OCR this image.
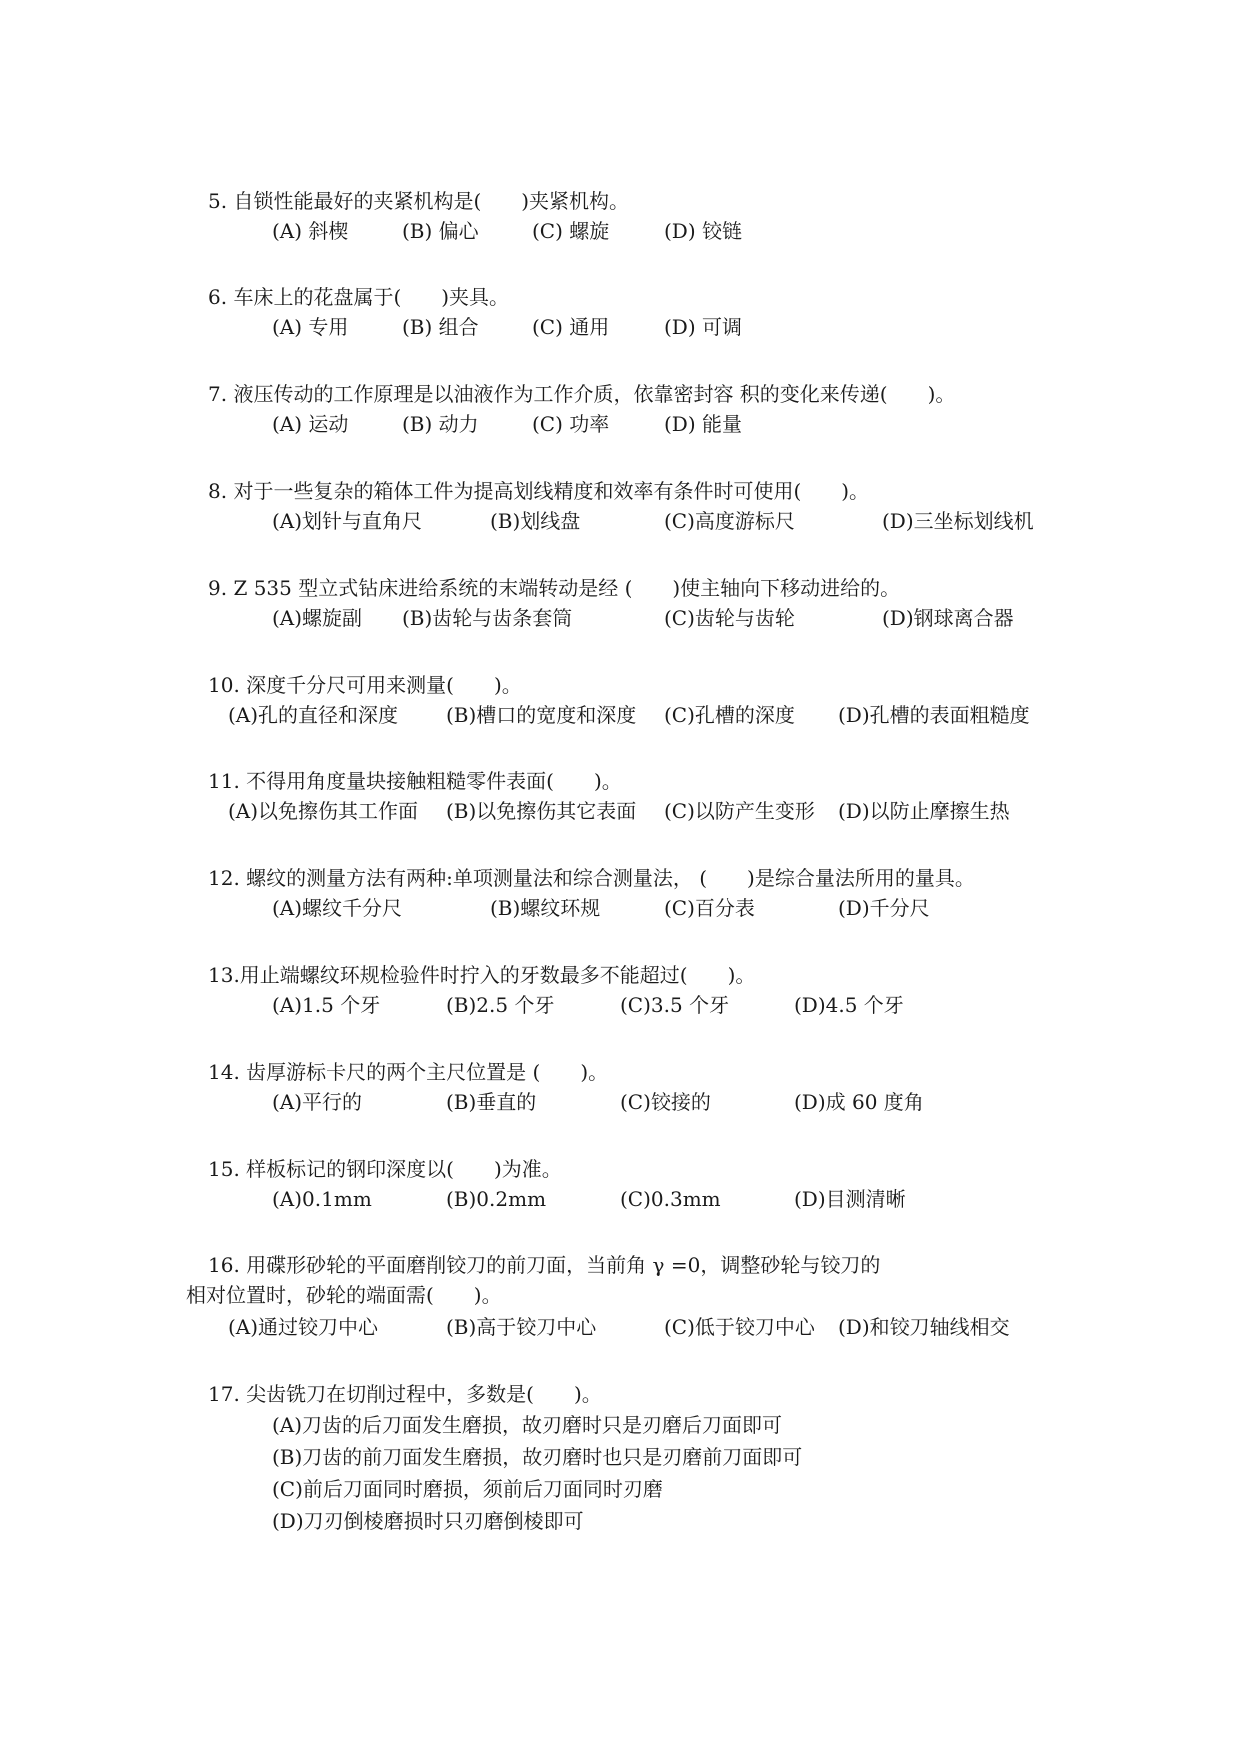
5. 自锁性能最好的夹紧机构是(　　)夹紧机构。
(A) 斜楔	(B) 偏心	(C) 螺旋	(D) 铰链
6. 车床上的花盘属于(　　)夹具。
(A) 专用	(B) 组合	(C) 通用	(D) 可调
7. 液压传动的工作原理是以油液作为工作介质，依靠密封容 积的变化来传递(　　)。
(A) 运动	(B) 动力	(C) 功率	(D) 能量
8. 对于一些复杂的箱体工件为提高划线精度和效率有条件时可使用(　　)。
(A)划针与直角尺	(B)划线盘	(C)高度游标尺	(D)三坐标划线机
9. Z 535 型立式钻床进给系统的末端转动是经 (　　)使主轴向下移动进给的。
(A)螺旋副 (B)齿轮与齿条套筒	(C)齿轮与齿轮	(D)钢球离合器
10. 深度千分尺可用来测量(　　)。
(A)孔的直径和深度 (B)槽口的宽度和深度 (C)孔槽的深度 (D)孔槽的表面粗糙度
11. 不得用角度量块接触粗糙零件表面(　　)。
(A)以免擦伤其工作面 (B)以免擦伤其它表面 (C)以防产生变形 (D)以防止摩擦生热
12. 螺纹的测量方法有两种:单项测量法和综合测量法， (　　)是综合量法所用的量具。
(A)螺纹千分尺	(B)螺纹环规	(C)百分表	(D)千分尺
13.用止端螺纹环规检验件时拧入的牙数最多不能超过(　　)。
(A)1.5 个牙	(B)2.5 个牙	(C)3.5 个牙	(D)4.5 个牙
14. 齿厚游标卡尺的两个主尺位置是 (　　)。
(A)平行的	(B)垂直的	(C)铰接的	(D)成 60 度角
15. 样板标记的钢印深度以(　　)为准。
(A)0.1mm	(B)0.2mm	(C)0.3mm	(D)目测清晰
16. 用碟形砂轮的平面磨削铰刀的前刀面，当前角 γ =0，调整砂轮与铰刀的
相对位置时，砂轮的端面需(　　)。
(A)通过铰刀中心	(B)高于铰刀中心	(C)低于铰刀中心 (D)和铰刀轴线相交
17. 尖齿铣刀在切削过程中，多数是(　　)。
(A)刀齿的后刀面发生磨损，故刃磨时只是刃磨后刀面即可
(B)刀齿的前刀面发生磨损，故刃磨时也只是刃磨前刀面即可
(C)前后刀面同时磨损，须前后刀面同时刃磨
(D)刀刃倒棱磨损时只刃磨倒棱即可
